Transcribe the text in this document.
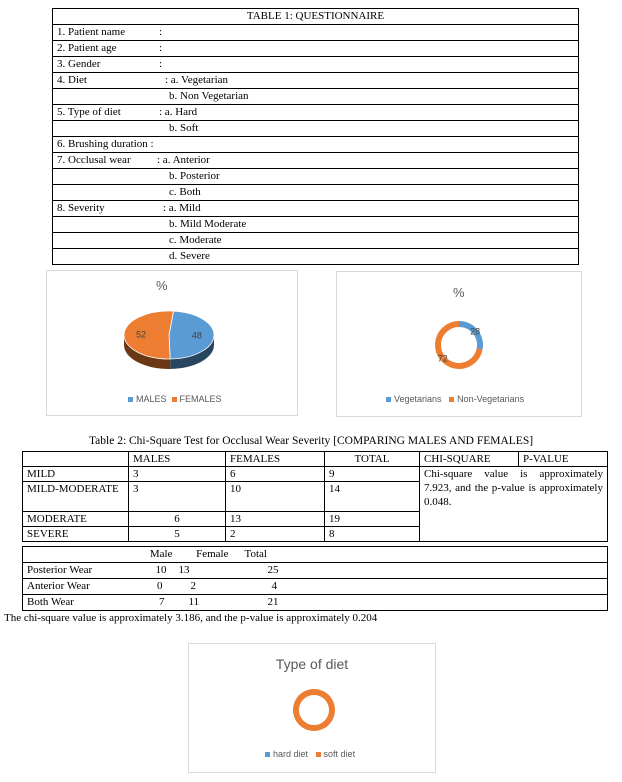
TABLE 1: QUESTIONNAIRE
1. Patient name	:

2. Patient age	:

3. Gender	:

4. Diet	: a. Vegetarian

b. Non Vegetarian

5. Type of diet	: a. Hard

b. Soft

6. Brushing duration :

7. Occlusal wear : a. Anterior

b. Posterior

c. Both

8. Severity	: a. Mild

b. Mild Moderate

c. Moderate

d. Severe
%
48
52
MALES FEMALES
%
28
72
Vegetarians Non-Vegetarians
Table 2: Chi-Square Test for Occlusal Wear Severity [COMPARING MALES AND FEMALES]
	MALES	FEMALES	TOTAL	CHI-SQUARE	P-VALUE
MILD	3	6	9	Chi-square value is approximately 7.923, and the p-value is approximately 0.048.	
MILD-MODERATE	3	10	14		
MODERATE	6	13	19		
SEVERE	5	2	8		
	Male	Female	Total
Posterior Wear	10	13	25
Anterior Wear	0	2	4
Both Wear	7	11	21
The chi-square value is approximately 3.186, and the p-value is approximately 0.204
Type of diet
hard diet soft diet
